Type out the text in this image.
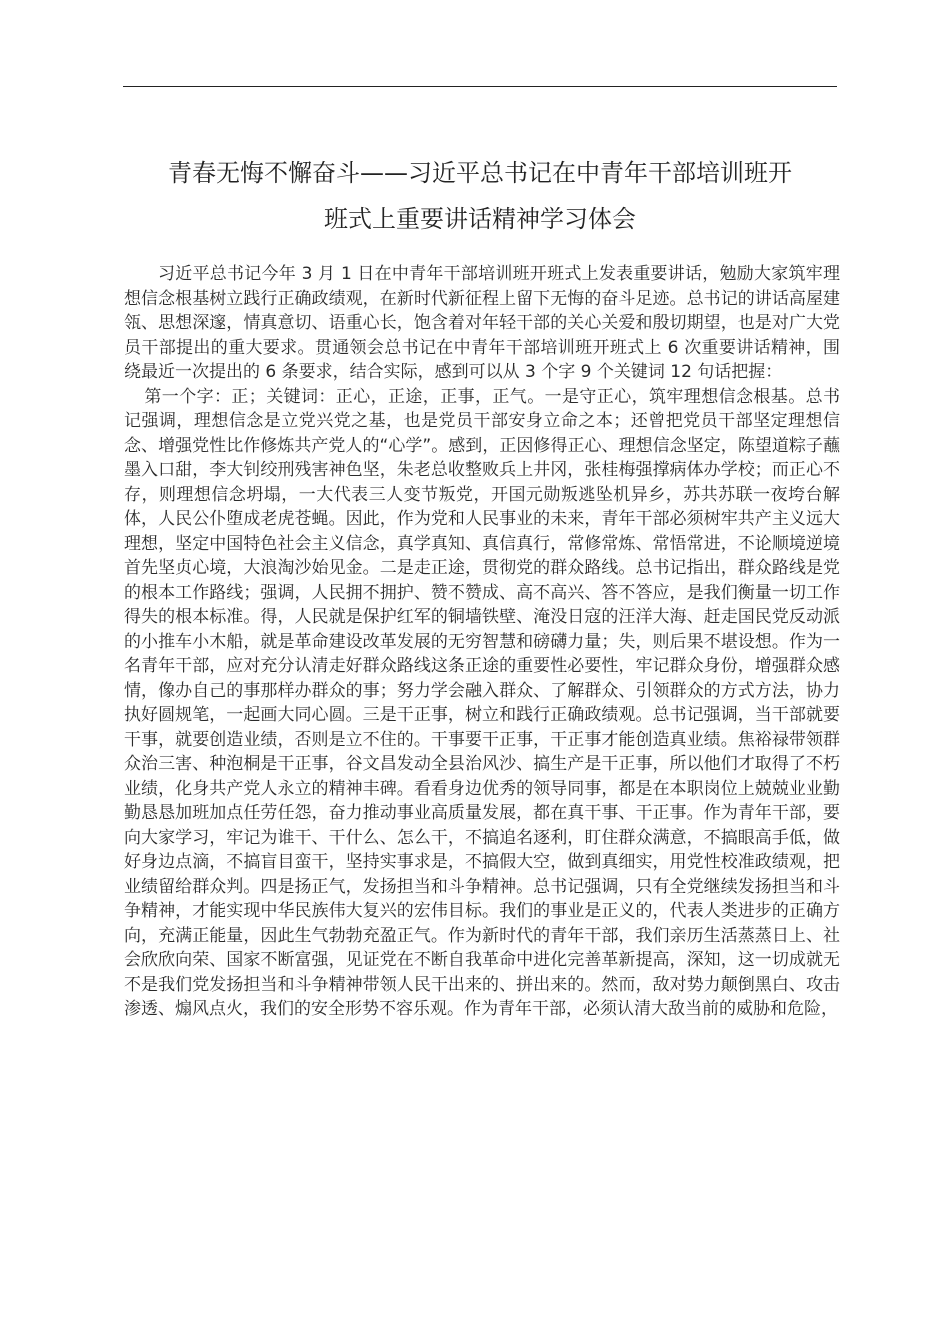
青春无悔不懈奋斗——习近平总书记在中青年干部培训班开
班式上重要讲话精神学习体会

习近平总书记今年 3 月 1 日在中青年干部培训班开班式上发表重要讲话，勉励大家筑牢理想信念根基树立践行正确政绩观，在新时代新征程上留下无悔的奋斗足迹。总书记的讲话高屋建瓴、思想深邃，情真意切、语重心长，饱含着对年轻干部的关心关爱和殷切期望，也是对广大党员干部提出的重大要求。贯通领会总书记在中青年干部培训班开班式上 6 次重要讲话精神，围绕最近一次提出的 6 条要求，结合实际，感到可以从 3 个字 9 个关键词 12 句话把握：

第一个字：正；关键词：正心，正途，正事，正气。一是守正心，筑牢理想信念根基。总书记强调，理想信念是立党兴党之基，也是党员干部安身立命之本；还曾把党员干部坚定理想信念、增强党性比作修炼共产党人的“心学”。感到，正因修得正心、理想信念坚定，陈望道粽子蘸墨入口甜，李大钊绞刑残害神色坚，朱老总收整败兵上井冈，张桂梅强撑病体办学校；而正心不存，则理想信念坍塌，一大代表三人变节叛党，开国元勋叛逃坠机异乡，苏共苏联一夜垮台解体，人民公仆堕成老虎苍蝇。因此，作为党和人民事业的未来，青年干部必须树牢共产主义远大理想，坚定中国特色社会主义信念，真学真知、真信真行，常修常炼、常悟常进，不论顺境逆境首先坚贞心境，大浪淘沙始见金。二是走正途，贯彻党的群众路线。总书记指出，群众路线是党的根本工作路线；强调，人民拥不拥护、赞不赞成、高不高兴、答不答应，是我们衡量一切工作得失的根本标准。得，人民就是保护红军的铜墙铁壁、淹没日寇的汪洋大海、赶走国民党反动派的小推车小木船，就是革命建设改革发展的无穷智慧和磅礴力量；失，则后果不堪设想。作为一名青年干部，应对充分认清走好群众路线这条正途的重要性必要性，牢记群众身份，增强群众感情，像办自己的事那样办群众的事；努力学会融入群众、了解群众、引领群众的方式方法，协力执好圆规笔，一起画大同心圆。三是干正事，树立和践行正确政绩观。总书记强调，当干部就要干事，就要创造业绩，否则是立不住的。干事要干正事，干正事才能创造真业绩。焦裕禄带领群众治三害、种泡桐是干正事，谷文昌发动全县治风沙、搞生产是干正事，所以他们才取得了不朽业绩，化身共产党人永立的精神丰碑。看看身边优秀的领导同事，都是在本职岗位上兢兢业业勤勤恳恳加班加点任劳任怨，奋力推动事业高质量发展，都在真干事、干正事。作为青年干部，要向大家学习，牢记为谁干、干什么、怎么干，不搞追名逐利，盯住群众满意，不搞眼高手低，做好身边点滴，不搞盲目蛮干，坚持实事求是，不搞假大空，做到真细实，用党性校准政绩观，把业绩留给群众判。四是扬正气，发扬担当和斗争精神。总书记强调，只有全党继续发扬担当和斗争精神，才能实现中华民族伟大复兴的宏伟目标。我们的事业是正义的，代表人类进步的正确方向，充满正能量，因此生气勃勃充盈正气。作为新时代的青年干部，我们亲历生活蒸蒸日上、社会欣欣向荣、国家不断富强，见证党在不断自我革命中进化完善革新提高，深知，这一切成就无不是我们党发扬担当和斗争精神带领人民干出来的、拼出来的。然而，敌对势力颠倒黑白、攻击渗透、煽风点火，我们的安全形势不容乐观。作为青年干部，必须认清大敌当前的威胁和危险，
